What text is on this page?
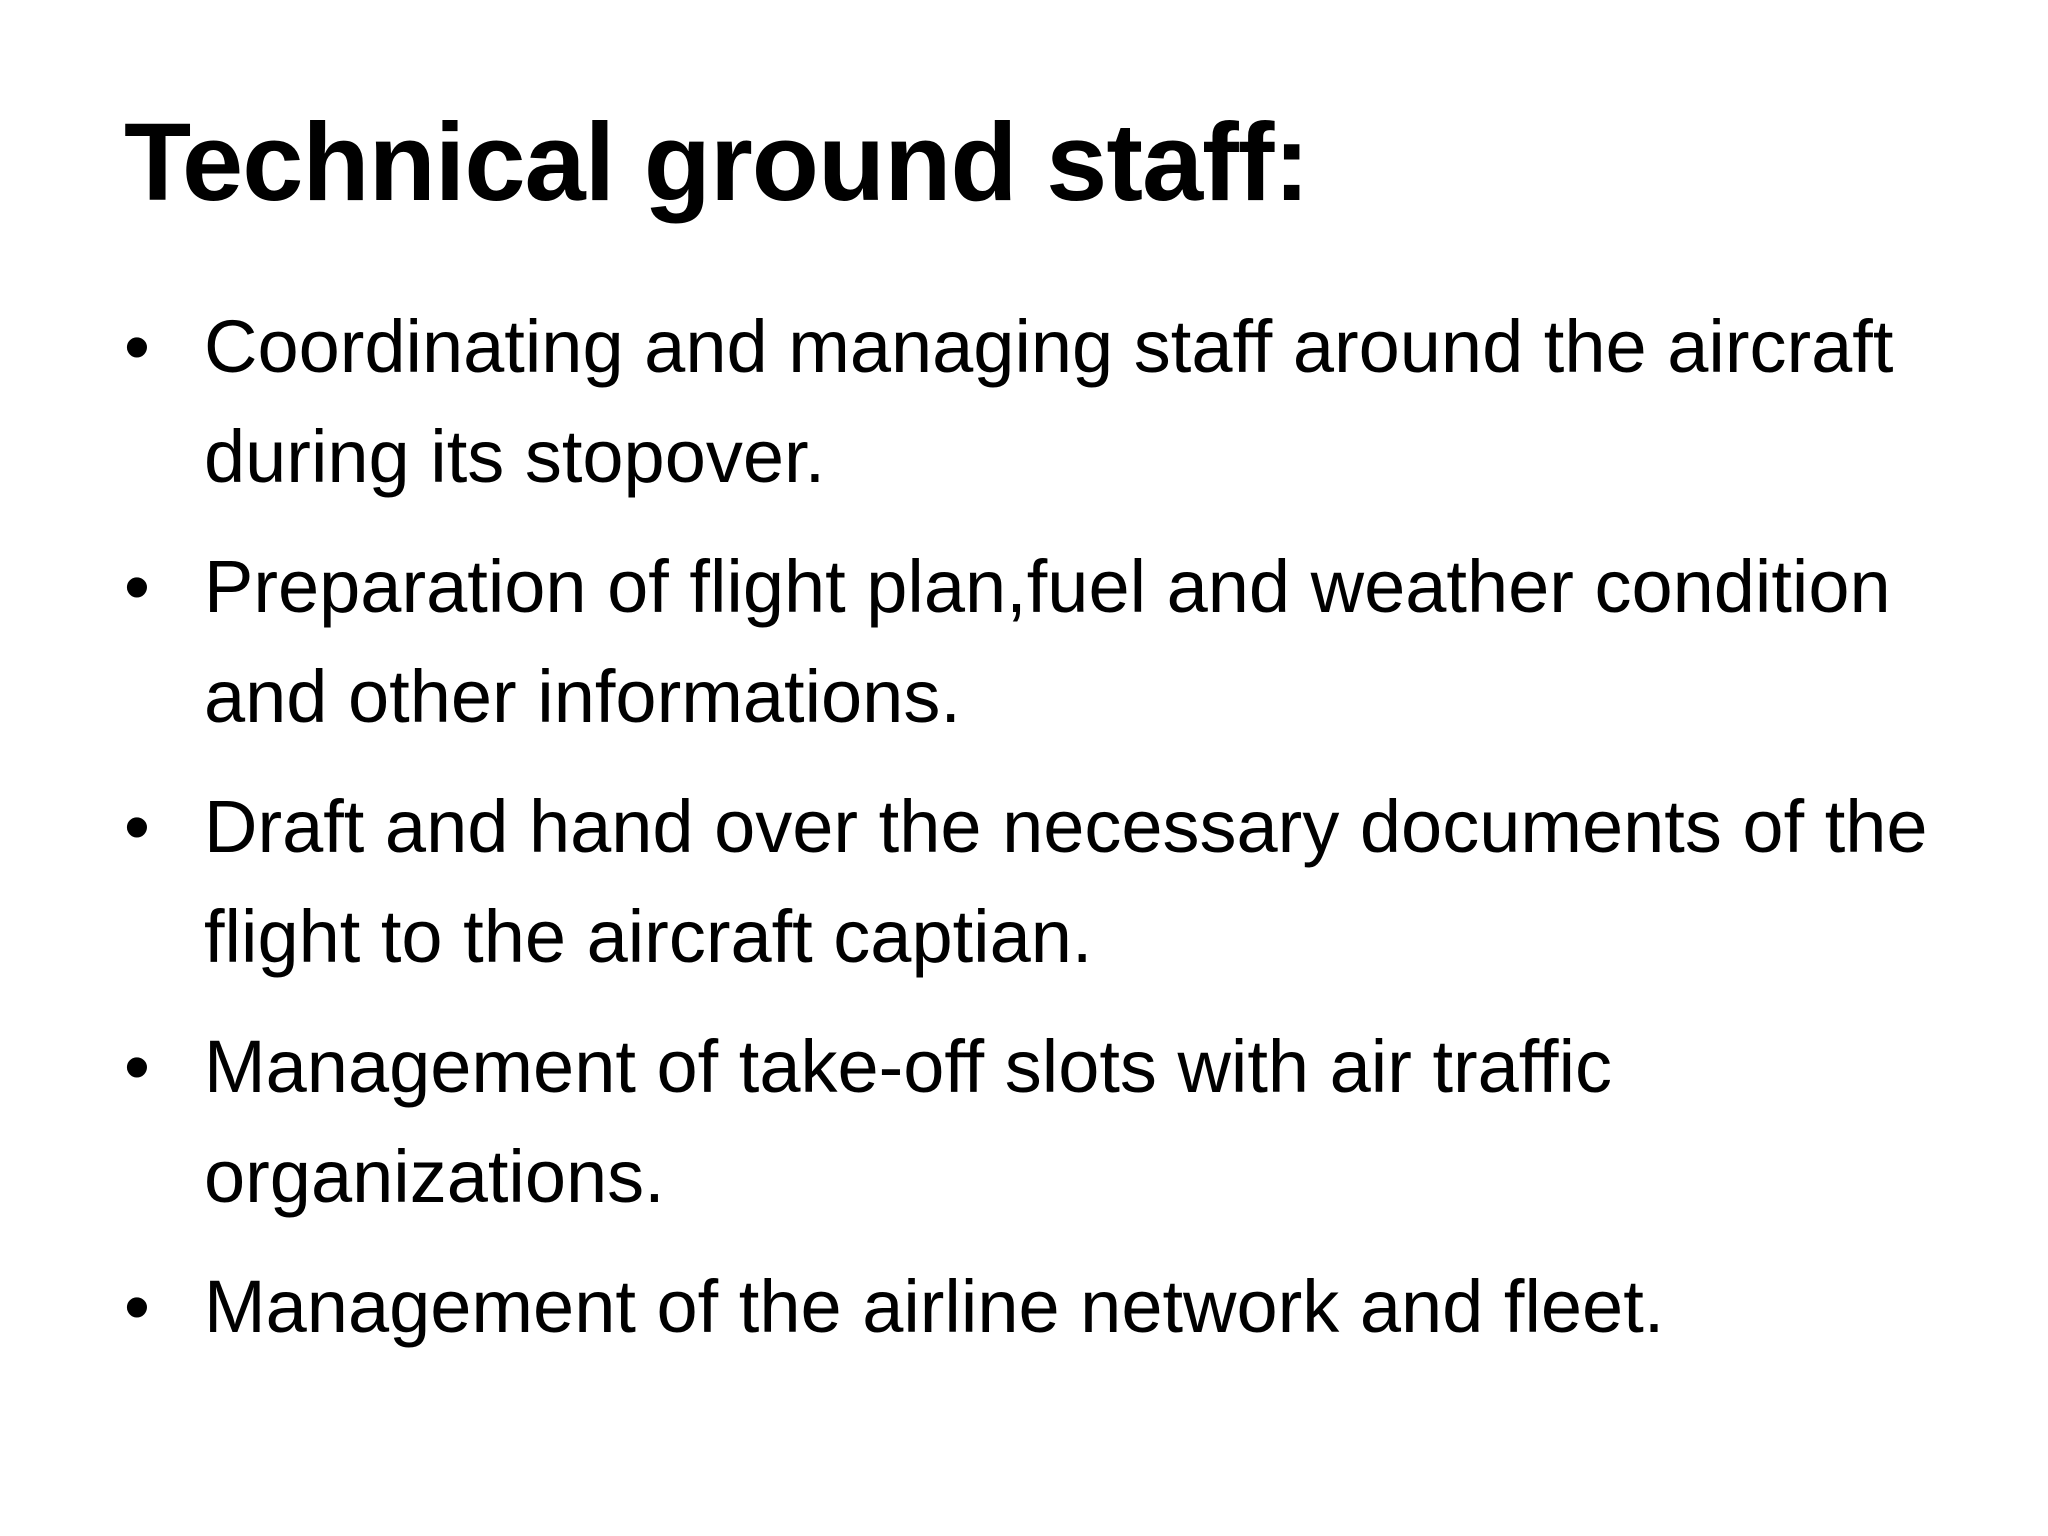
Technical ground staff:
• Coordinating and managing staff around the aircraft during its stopover.
• Preparation of flight plan,fuel and weather condition and other informations.
• Draft and hand over the necessary documents of the flight to the aircraft captian.
• Management of take-off slots with air traffic organizations.
• Management of the airline network and fleet.
